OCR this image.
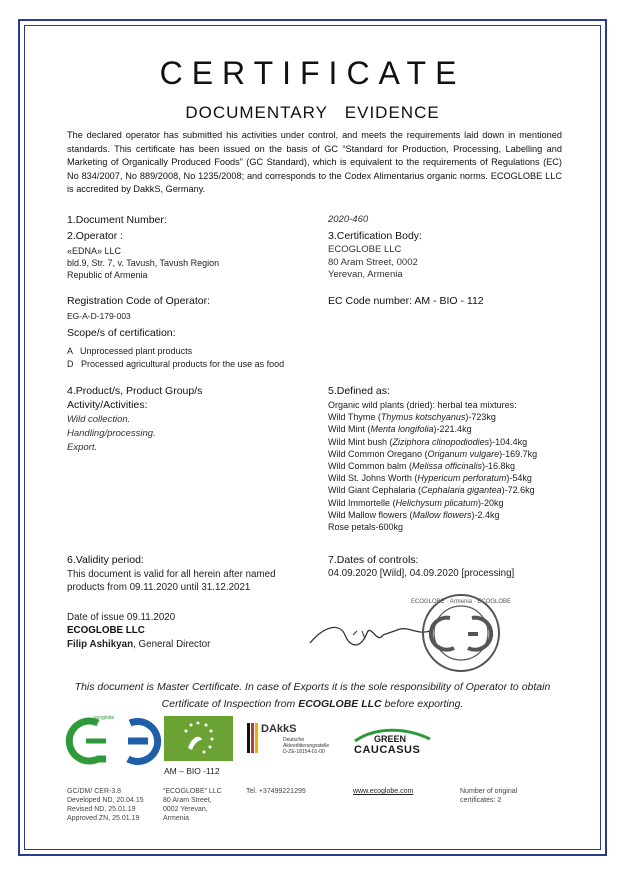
CERTIFICATE
DOCUMENTARY   EVIDENCE
The declared operator has submitted his activities under control, and meets the requirements laid down in mentioned standards. This certificate has been issued on the basis of GC “Standard for Production, Processing, Labelling and Marketing of Organically Produced Foods” (GC Standard), which is equivalent to the requirements of Regulations (EC) No 834/2007, No 889/2008, No 1235/2008; and corresponds to the Codex Alimentarius organic norms. ECOGLOBE LLC is accredited by DakkS, Germany.
1.Document Number:	2020-460
2.Operator :
«EDNA» LLC
bld.9, Str. 7, v. Tavush, Tavush Region
Republic of Armenia
3.Certification Body:
ECOGLOBE LLC
80 Aram Street, 0002
Yerevan, Armenia
Registration Code of Operator:
EG-A-D-179-003
EC Code number: AM - BIO - 112
Scope/s of certification:
A   Unprocessed plant products
D   Processed agricultural products for the use as food
4.Product/s, Product Group/s
Activity/Activities:
Wild collection.
Handling/processing.
Export.
5.Defined as:
Organic wild plants (dried): herbal tea mixtures:
Wild Thyme (Thymus kotschyanus)-723kg
Wild Mint (Menta longifolia)-221.4kg
Wild Mint bush (Ziziphora clinopodiodies)-104.4kg
Wild Common Oregano (Origanum vulgare)-169.7kg
Wild Common balm (Melissa officinalis)-16.8kg
Wild St. Johns Worth (Hypericum perforatum)-54kg
Wild Giant Cephalaria (Cephalaria gigantea)-72.6kg
Wild Immortelle (Helichysum plicatum)-20kg
Wild Mallow flowers (Mallow flowers)-2.4kg
Rose petals-600kg
6.Validity period:
This document is valid for all herein after named
products from 09.11.2020 until 31.12.2021
7.Dates of controls:
04.09.2020 [Wild], 04.09.2020 [processing]
Date of issue 09.11.2020
ECOGLOBE LLC
Filip Ashikyan, General Director
ECOGLOBE · Armenia · ECOGLOBE
This document is Master Certificate. In case of Exports it is the sole responsibility of Operator to obtain Certificate of Inspection from ECOGLOBE LLC before exporting.
ecoglobe
AM – BIO -112
DAkkS
Deutsche
Akkreditierungsstelle
D-ZE-18154-01-00
GREEN
CAUCASUS
GC/DM/ CER-3.8
Developed ND, 20.04.15
Revised ND, 25.01.19
Approved ZN, 25.01.19
“ECOGLOBE” LLC
80 Aram Street,
0002 Yerevan,
Armenia
Tel. +37499221295	www.ecoglobe.com	Number of original
certificates: 2
